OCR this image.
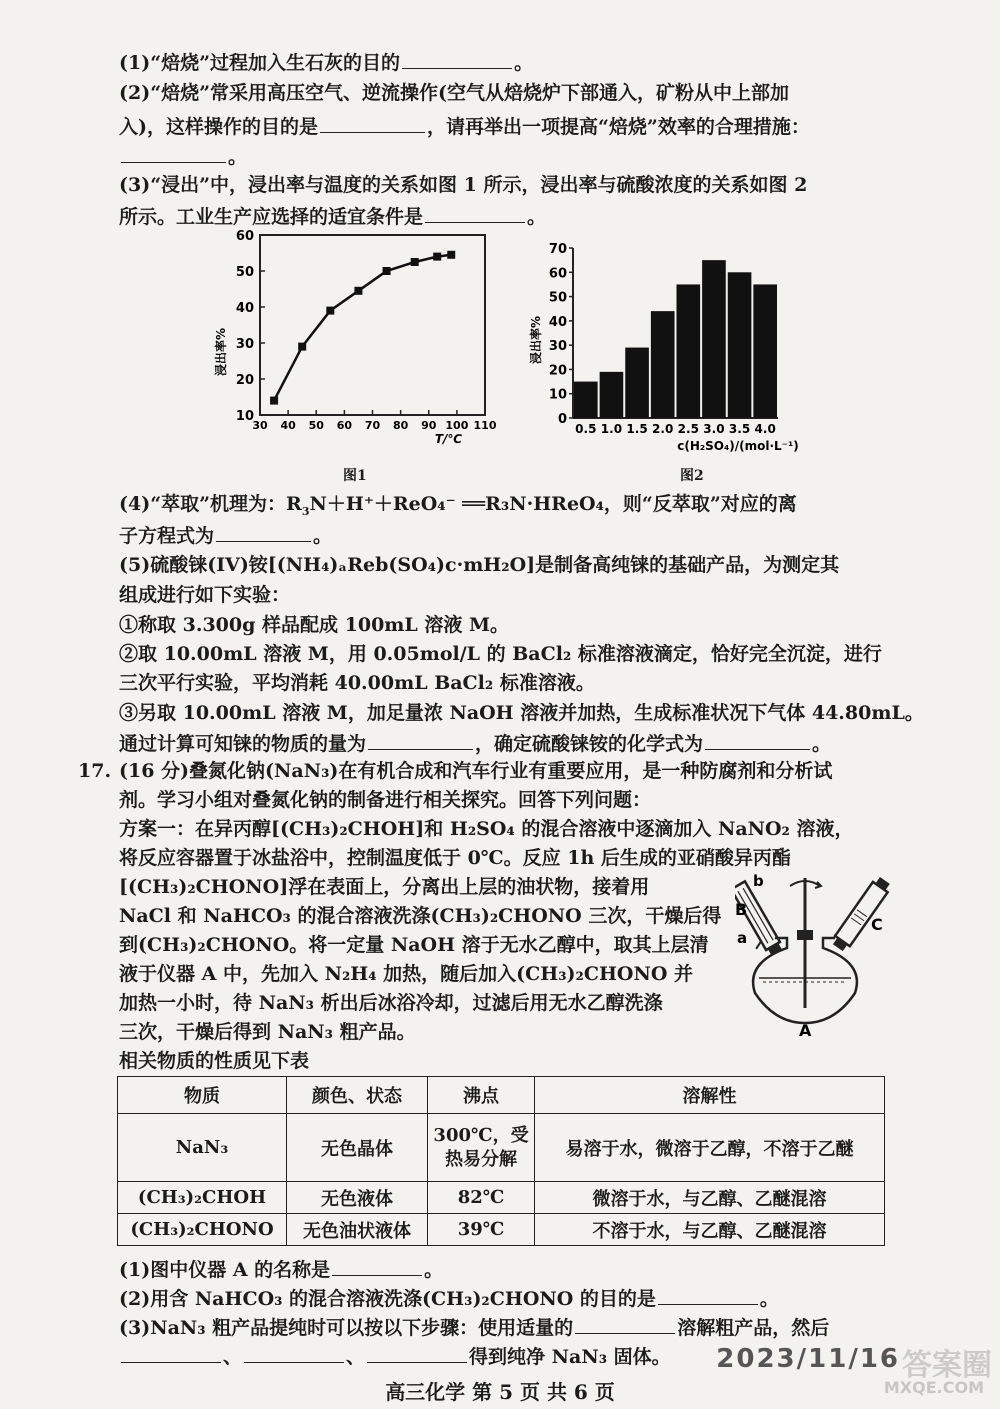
(1)“焙烧”过程加入生石灰的目的	。
(2)“焙烧”常采用高压空气、逆流操作(空气从焙烧炉下部通入，矿粉从中上部加
入)，这样操作的目的是	，请再举出一项提高“焙烧”效率的合理措施：
。
(3)“浸出”中，浸出率与温度的关系如图 1 所示，浸出率与硫酸浓度的关系如图 2
所示。工业生产应选择的适宜条件是	。
浸出率%
10
20
30
40
50
60
30 40 50 60 70 80 90 100 110
T/℃
图1
浸出率%
0
10
20
30
40
50
60
70
0.5 1.0 1.5 2.0 2.5 3.0 3.5 4.0
c(H₂SO₄)/(mol·L⁻¹)
图2
(4)“萃取”机理为：$R_3N+H^++ReO_4^-$ ══R₃N·HReO₄，则“反萃取”对应的离
子方程式为	。
(5)硫酸铼(IV)铵[(NH₄)ₐReb(SO₄)c·mH₂O]是制备高纯铼的基础产品，为测定其
组成进行如下实验：
①称取 3.300g 样品配成 100mL 溶液 M。
②取 10.00mL 溶液 M，用 0.05mol/L 的 BaCl₂ 标准溶液滴定，恰好完全沉淀，进行
三次平行实验，平均消耗 40.00mL BaCl₂ 标准溶液。
③另取 10.00mL 溶液 M，加足量浓 NaOH 溶液并加热，生成标准状况下气体 44.80mL。
通过计算可知铼的物质的量为	，确定硫酸铼铵的化学式为	。
17. (16 分)叠氮化钠(NaN₃)在有机合成和汽车行业有重要应用，是一种防腐剂和分析试
剂。学习小组对叠氮化钠的制备进行相关探究。回答下列问题：
方案一：在异丙醇[(CH₃)₂CHOH]和 H₂SO₄ 的混合溶液中逐滴加入 NaNO₂ 溶液，
将反应容器置于冰盐浴中，控制温度低于 0℃。反应 1h 后生成的亚硝酸异丙酯
[(CH₃)₂CHONO]浮在表面上，分离出上层的油状物，接着用
NaCl 和 NaHCO₃ 的混合溶液洗涤(CH₃)₂CHONO 三次，干燥后得
到(CH₃)₂CHONO。将一定量 NaOH 溶于无水乙醇中，取其上层清
液于仪器 A 中，先加入 N₂H₄ 加热，随后加入(CH₃)₂CHONO 并
加热一小时，待 NaN₃ 析出后冰浴冷却，过滤后用无水乙醇洗涤
三次，干燥后得到 NaN₃ 粗产品。
b
a
B
C
A
相关物质的性质见下表
物质	颜色、状态	沸点	溶解性
NaN₃	无色晶体	300℃，受热易分解	易溶于水，微溶于乙醇，不溶于乙醚
(CH₃)₂CHOH	无色液体	82℃	微溶于水，与乙醇、乙醚混溶
(CH₃)₂CHONO	无色油状液体	39℃	不溶于水，与乙醇、乙醚混溶
(1)图中仪器 A 的名称是	。
(2)用含 NaHCO₃ 的混合溶液洗涤(CH₃)₂CHONO 的目的是	。
(3)NaN₃ 粗产品提纯时可以按以下步骤：使用适量的	溶解粗产品，然后
、	、	得到纯净 NaN₃ 固体。 2023/11/16 答案圈
MXQE.COM
高三化学 第 5 页 共 6 页
